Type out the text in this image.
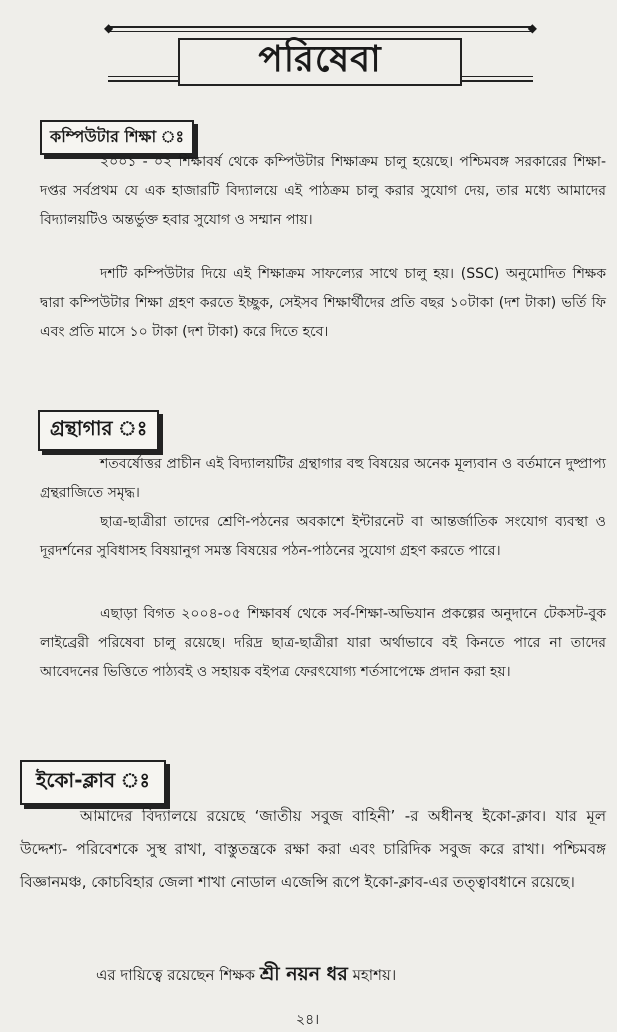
◆	◆
পরিষেবা
কম্পিউটার শিক্ষা ঃ
২০০১ - ০২ শিক্ষাবর্ষ থেকে কম্পিউটার শিক্ষাক্রম চালু হয়েছে। পশ্চিমবঙ্গ সরকারের শিক্ষা-দপ্তর সর্বপ্রথম যে এক হাজারটি বিদ্যালয়ে এই পাঠক্রম চালু করার সুযোগ দেয়, তার মধ্যে আমাদের বিদ্যালয়টিও অন্তর্ভুক্ত হবার সুযোগ ও সম্মান পায়।
দশটি কম্পিউটার দিয়ে এই শিক্ষাক্রম সাফল্যের সাথে চালু হয়। (SSC) অনুমোদিত শিক্ষক দ্বারা কম্পিউটার শিক্ষা গ্রহণ করতে ইচ্ছুক, সেইসব শিক্ষার্থীদের প্রতি বছর ১০টাকা (দশ টাকা) ভর্তি ফি এবং প্রতি মাসে ১০ টাকা (দশ টাকা) করে দিতে হবে।
গ্রন্থাগার ঃ
শতবর্ষোত্তর প্রাচীন এই বিদ্যালয়টির গ্রন্থাগার বহু বিষয়ের অনেক মূল্যবান ও বর্তমানে দুষ্প্রাপ্য গ্রন্থরাজিতে সমৃদ্ধ।
ছাত্র-ছাত্রীরা তাদের শ্রেণি-পঠনের অবকাশে ইন্টারনেট বা আন্তর্জাতিক সংযোগ ব্যবস্থা ও দূরদর্শনের সুবিধাসহ বিষয়ানুগ সমস্ত বিষয়ের পঠন-পাঠনের সুযোগ গ্রহণ করতে পারে।
এছাড়া বিগত ২০০৪-০৫ শিক্ষাবর্ষ থেকে সর্ব-শিক্ষা-অভিযান প্রকল্পের অনুদানে টেকসট-বুক লাইব্রেরী পরিষেবা চালু রয়েছে। দরিদ্র ছাত্র-ছাত্রীরা যারা অর্থাভাবে বই কিনতে পারে না তাদের আবেদনের ভিত্তিতে পাঠ্যবই ও সহায়ক বইপত্র ফেরৎযোগ্য শর্তসাপেক্ষে প্রদান করা হয়।
ইকো-ক্লাব ঃ
আমাদের বিদ্যালয়ে রয়েছে ‘জাতীয় সবুজ বাহিনী’ -র অধীনস্থ ইকো-ক্লাব। যার মূল উদ্দেশ্য- পরিবেশকে সুস্থ রাখা, বাস্তুতন্ত্রকে রক্ষা করা এবং চারিদিক সবুজ করে রাখা। পশ্চিমবঙ্গ বিজ্ঞানমঞ্চ, কোচবিহার জেলা শাখা নোডাল এজেন্সি রূপে ইকো-ক্লাব-এর তত্ত্বাবধানে রয়েছে।
এর দায়িত্বে রয়েছেন শিক্ষক শ্রী নয়ন ধর মহাশয়।
২৪।
